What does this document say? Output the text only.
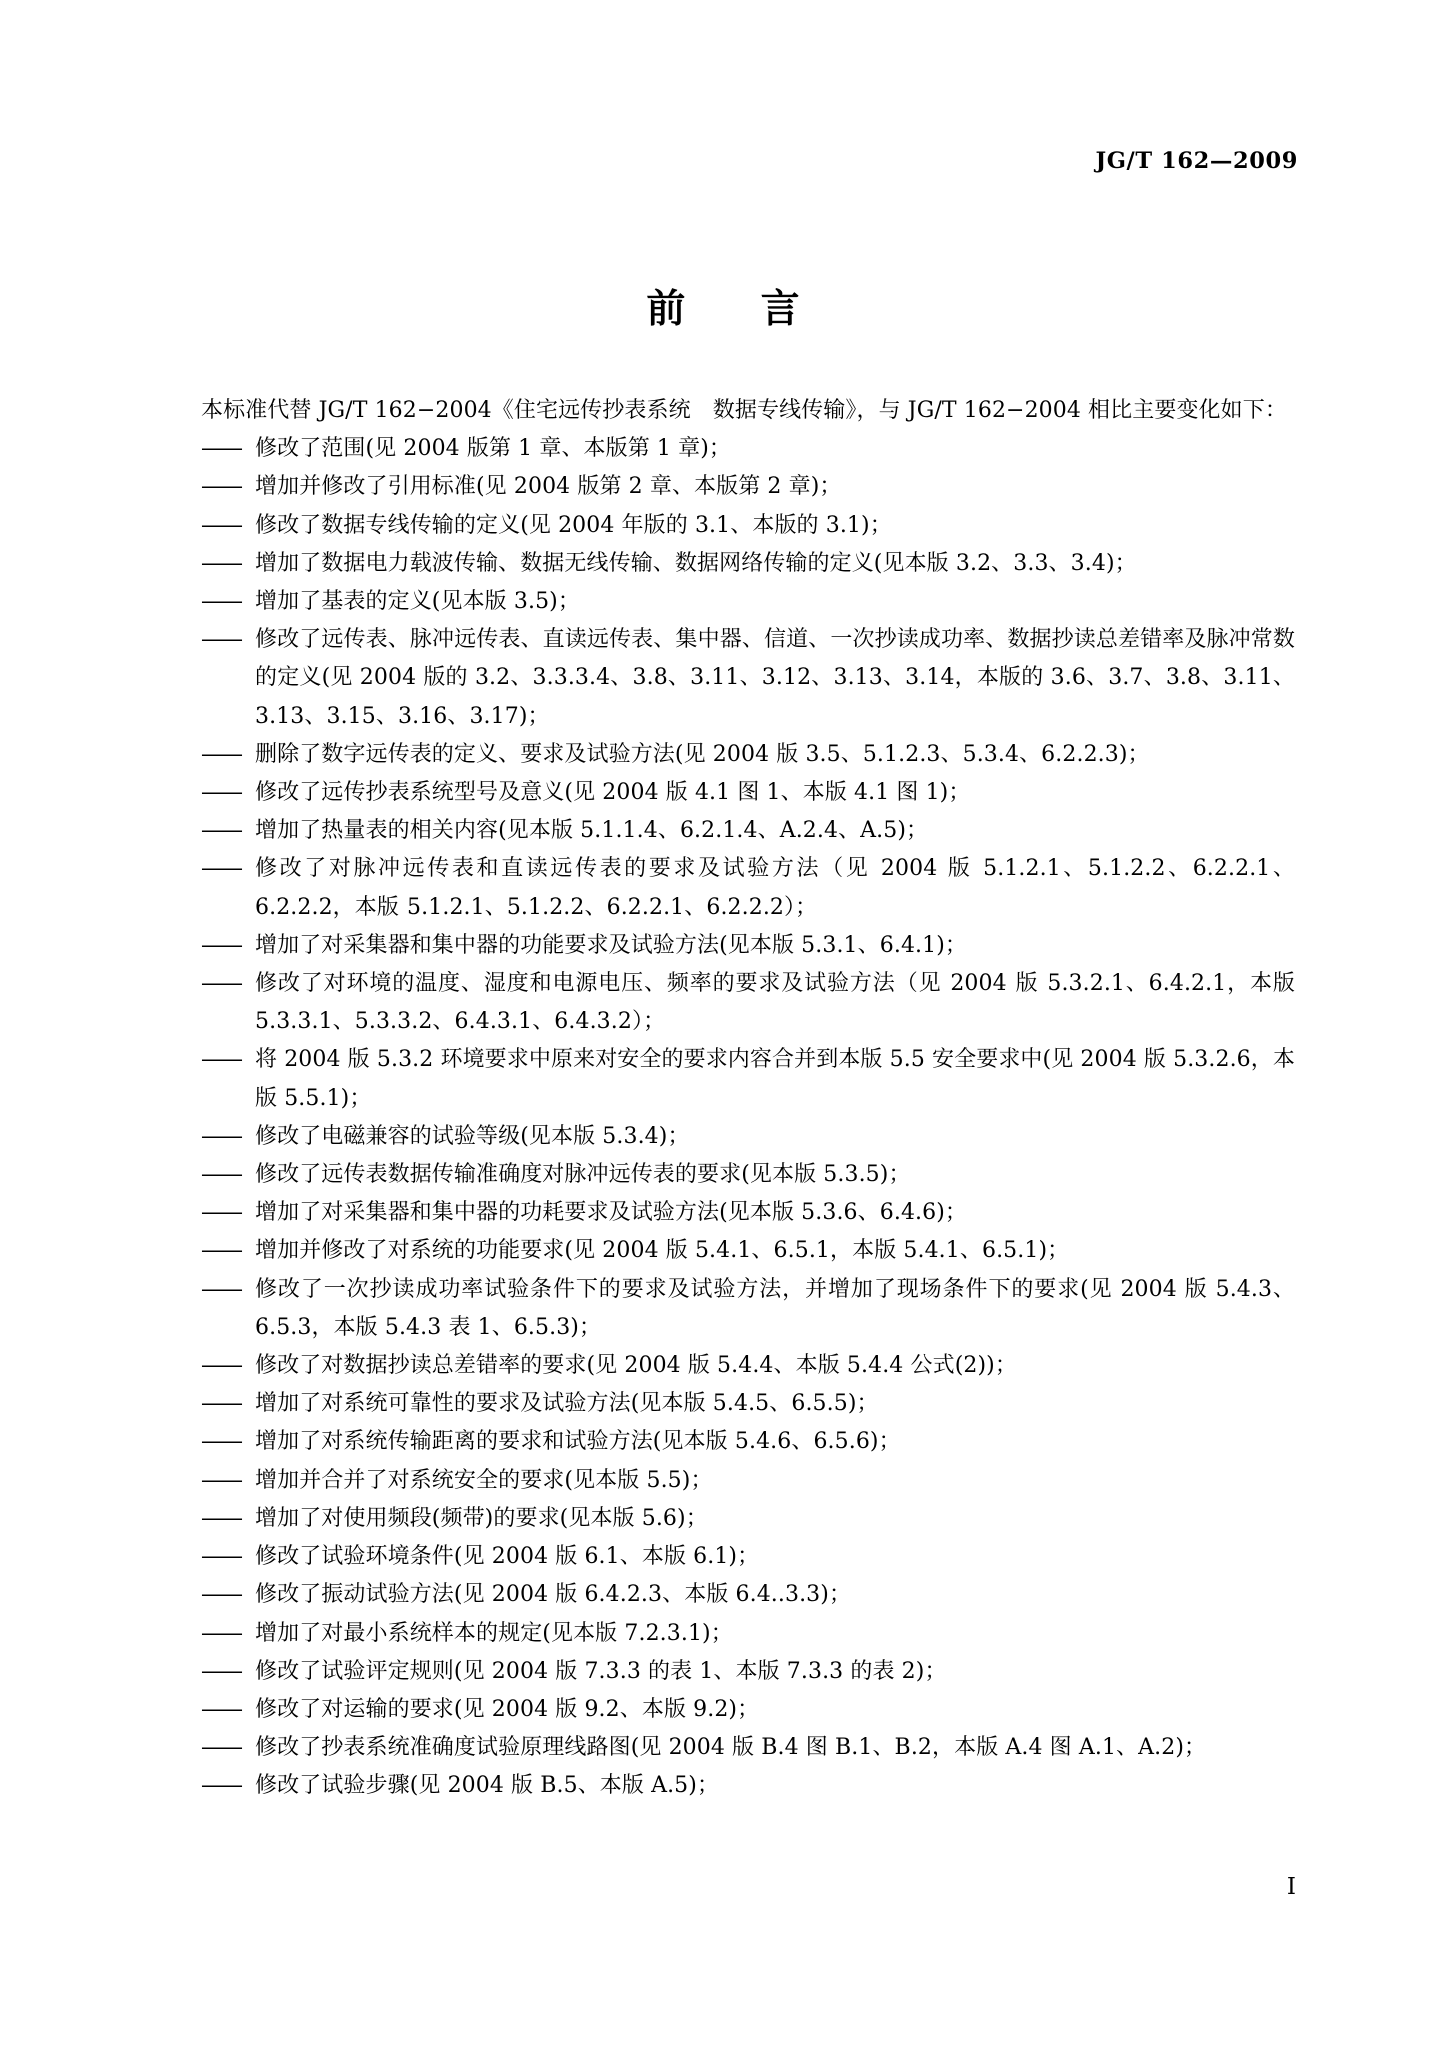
JG/T 162—2009
前 言

本标准代替 JG/T 162−2004《住宅远传抄表系统　数据专线传输》，与 JG/T 162−2004 相比主要变化如下：

—— 修改了范围(见 2004 版第 1 章、本版第 1 章)；
—— 增加并修改了引用标准(见 2004 版第 2 章、本版第 2 章)；
—— 修改了数据专线传输的定义(见 2004 年版的 3.1、本版的 3.1)；
—— 增加了数据电力载波传输、数据无线传输、数据网络传输的定义(见本版 3.2、3.3、3.4)；
—— 增加了基表的定义(见本版 3.5)；
—— 修改了远传表、脉冲远传表、直读远传表、集中器、信道、一次抄读成功率、数据抄读总差错率及脉冲常数的定义(见 2004 版的 3.2、3.3.3.4、3.8、3.11、3.12、3.13、3.14，本版的 3.6、3.7、3.8、3.11、3.13、3.15、3.16、3.17)；
—— 删除了数字远传表的定义、要求及试验方法(见 2004 版 3.5、5.1.2.3、5.3.4、6.2.2.3)；
—— 修改了远传抄表系统型号及意义(见 2004 版 4.1 图 1、本版 4.1 图 1)；
—— 增加了热量表的相关内容(见本版 5.1.1.4、6.2.1.4、A.2.4、A.5)；
—— 修改了对脉冲远传表和直读远传表的要求及试验方法（见 2004 版 5.1.2.1、5.1.2.2、6.2.2.1、6.2.2.2，本版 5.1.2.1、5.1.2.2、6.2.2.1、6.2.2.2）；
—— 增加了对采集器和集中器的功能要求及试验方法(见本版 5.3.1、6.4.1)；
—— 修改了对环境的温度、湿度和电源电压、频率的要求及试验方法（见 2004 版 5.3.2.1、6.4.2.1，本版 5.3.3.1、5.3.3.2、6.4.3.1、6.4.3.2）；
—— 将 2004 版 5.3.2 环境要求中原来对安全的要求内容合并到本版 5.5 安全要求中(见 2004 版 5.3.2.6，本版 5.5.1)；
—— 修改了电磁兼容的试验等级(见本版 5.3.4)；
—— 修改了远传表数据传输准确度对脉冲远传表的要求(见本版 5.3.5)；
—— 增加了对采集器和集中器的功耗要求及试验方法(见本版 5.3.6、6.4.6)；
—— 增加并修改了对系统的功能要求(见 2004 版 5.4.1、6.5.1，本版 5.4.1、6.5.1)；
—— 修改了一次抄读成功率试验条件下的要求及试验方法，并增加了现场条件下的要求(见 2004 版 5.4.3、6.5.3，本版 5.4.3 表 1、6.5.3)；
—— 修改了对数据抄读总差错率的要求(见 2004 版 5.4.4、本版 5.4.4 公式(2))；
—— 增加了对系统可靠性的要求及试验方法(见本版 5.4.5、6.5.5)；
—— 增加了对系统传输距离的要求和试验方法(见本版 5.4.6、6.5.6)；
—— 增加并合并了对系统安全的要求(见本版 5.5)；
—— 增加了对使用频段(频带)的要求(见本版 5.6)；
—— 修改了试验环境条件(见 2004 版 6.1、本版 6.1)；
—— 修改了振动试验方法(见 2004 版 6.4.2.3、本版 6.4..3.3)；
—— 增加了对最小系统样本的规定(见本版 7.2.3.1)；
—— 修改了试验评定规则(见 2004 版 7.3.3 的表 1、本版 7.3.3 的表 2)；
—— 修改了对运输的要求(见 2004 版 9.2、本版 9.2)；
—— 修改了抄表系统准确度试验原理线路图(见 2004 版 B.4 图 B.1、B.2，本版 A.4 图 A.1、A.2)；
—— 修改了试验步骤(见 2004 版 B.5、本版 A.5)；
Ⅰ
